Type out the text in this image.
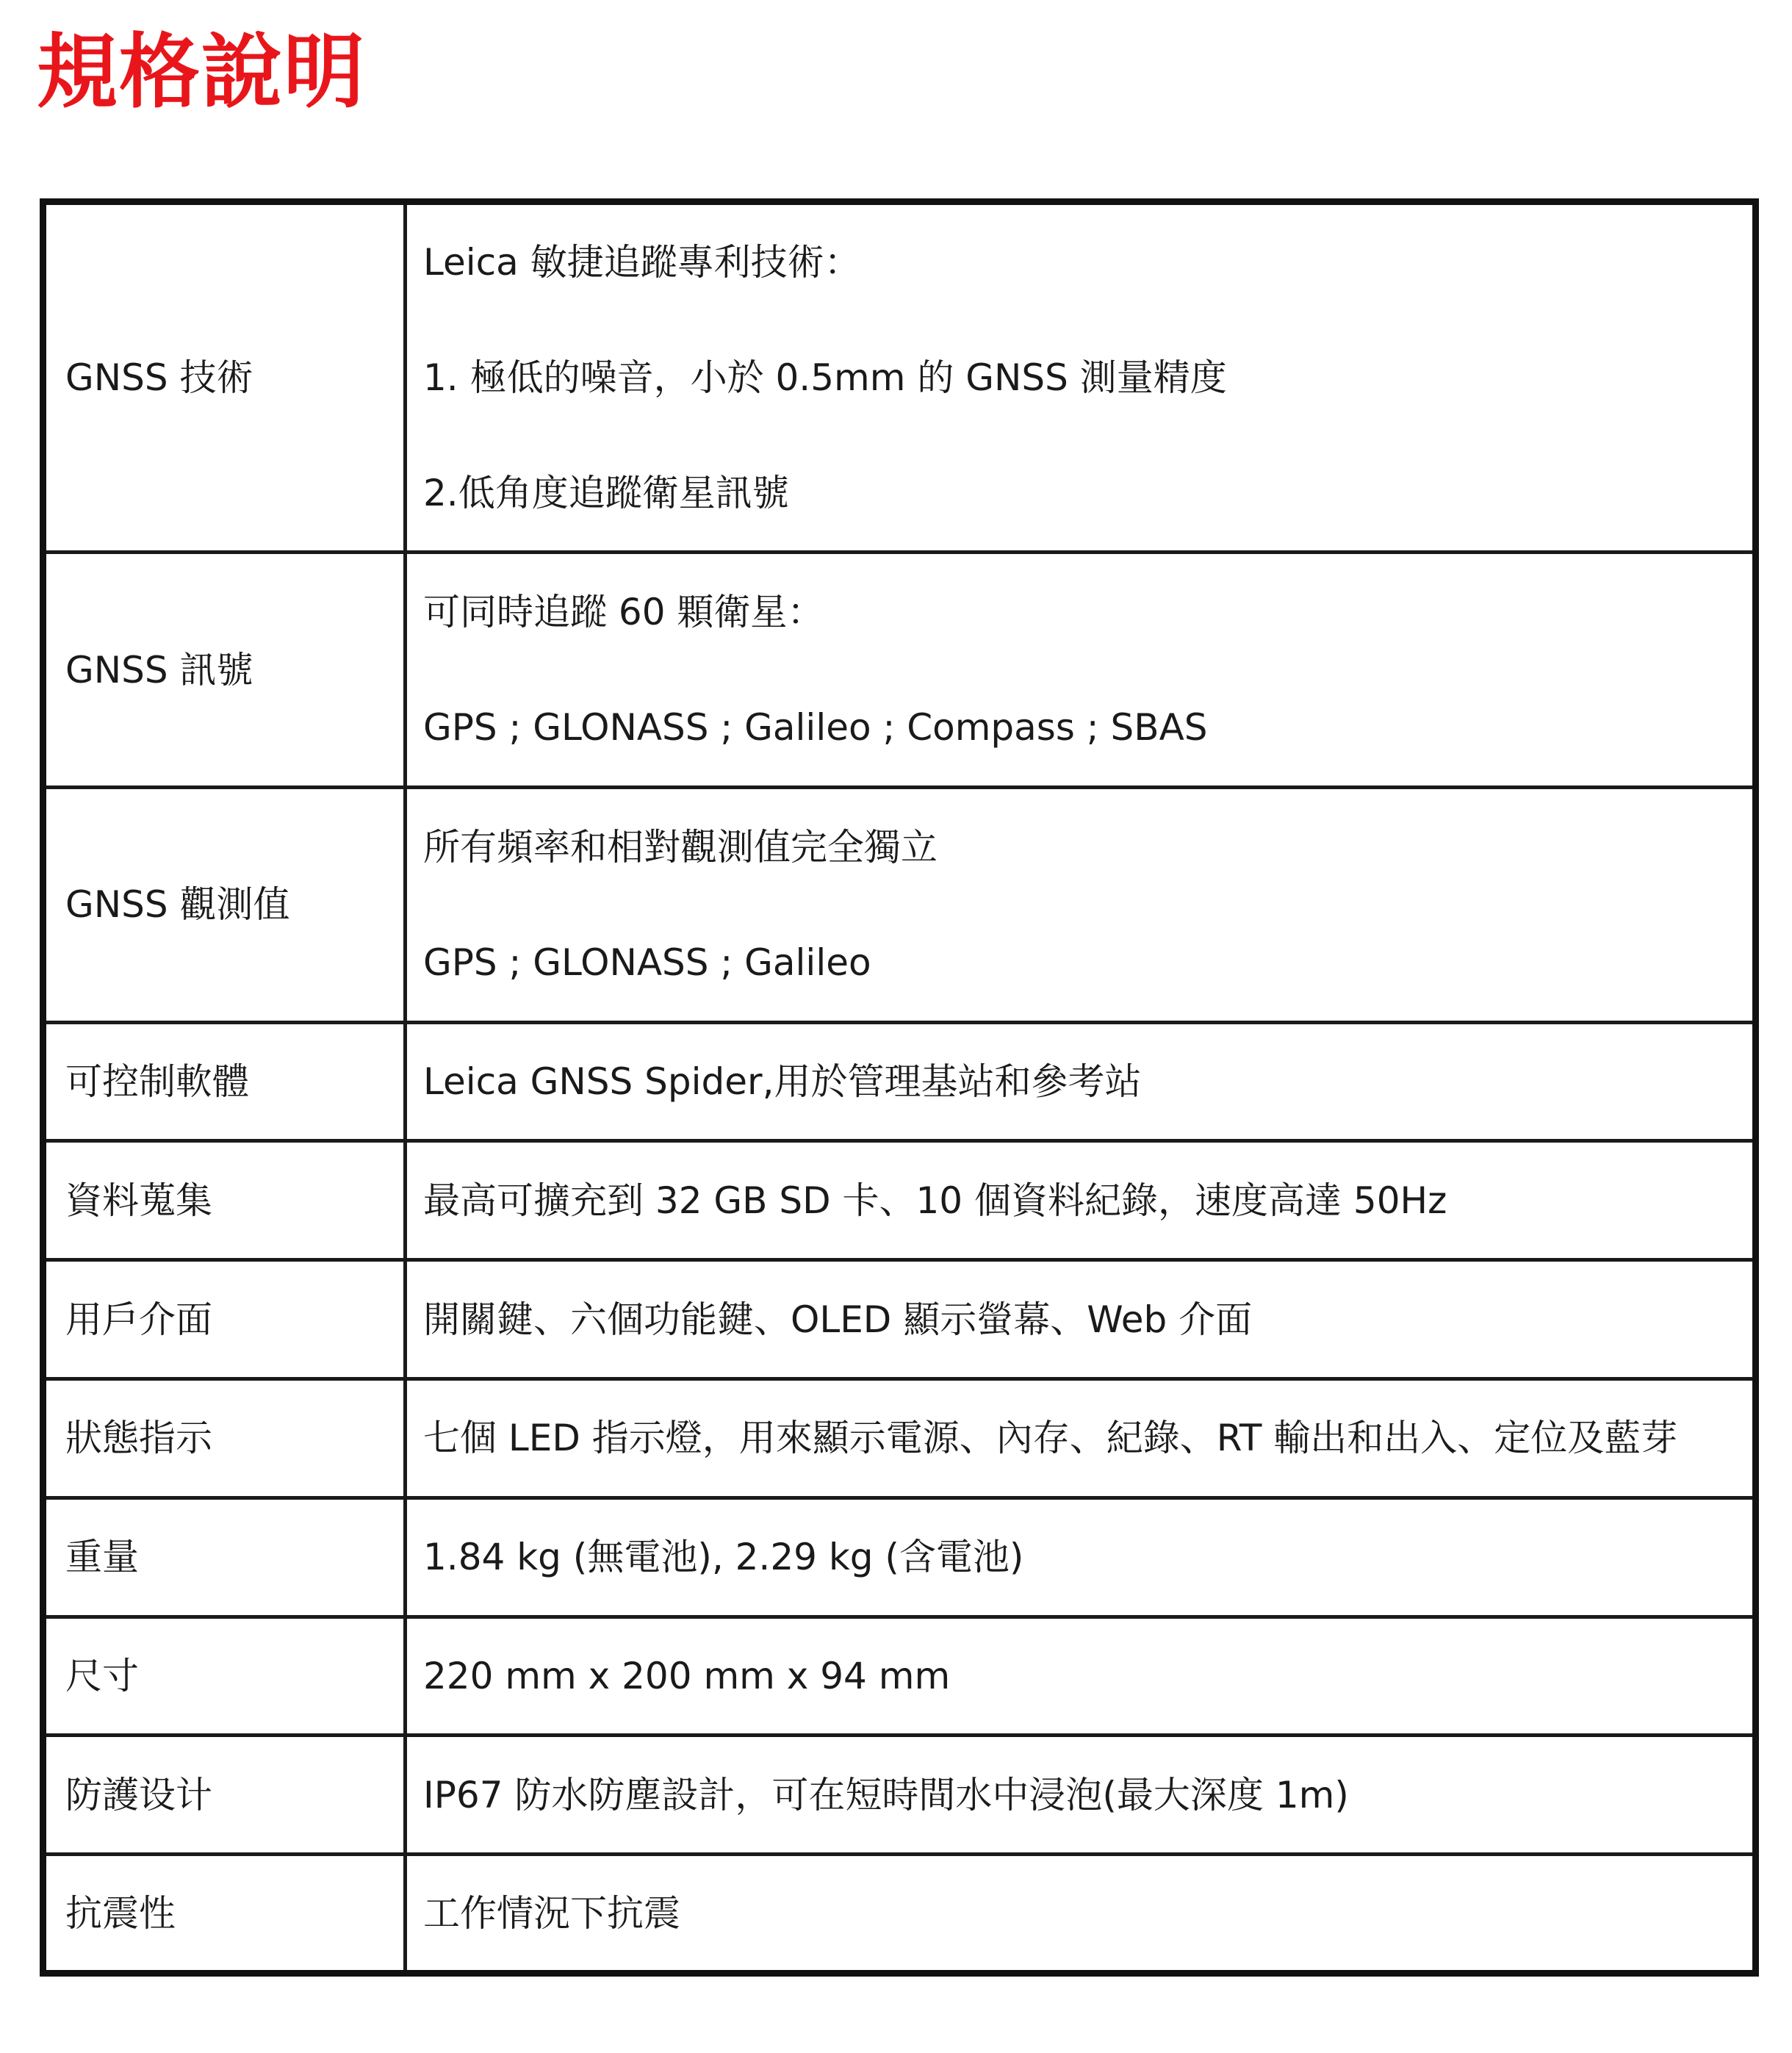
規格說明
GNSS 技術	Leica 敏捷追蹤專利技術：
1. 極低的噪音，小於 0.5mm 的 GNSS 測量精度
2.低角度追蹤衛星訊號

GNSS 訊號	可同時追蹤 60 顆衛星：
GPS ; GLONASS ; Galileo ; Compass ; SBAS

GNSS 觀測值	所有頻率和相對觀測值完全獨立
GPS ; GLONASS ; Galileo

可控制軟體	Leica GNSS Spider,用於管理基站和參考站

資料蒐集	最高可擴充到 32 GB SD 卡、10 個資料紀錄，速度高達 50Hz

用戶介面	開關鍵、六個功能鍵、OLED 顯示螢幕、Web 介面

狀態指示	七個 LED 指示燈，用來顯示電源、內存、紀錄、RT 輸出和出入、定位及藍芽

重量	1.84 kg (無電池), 2.29 kg (含電池)

尺寸	220 mm x 200 mm x 94 mm

防護设计	IP67 防水防塵設計，可在短時間水中浸泡(最大深度 1m)

抗震性	工作情況下抗震
